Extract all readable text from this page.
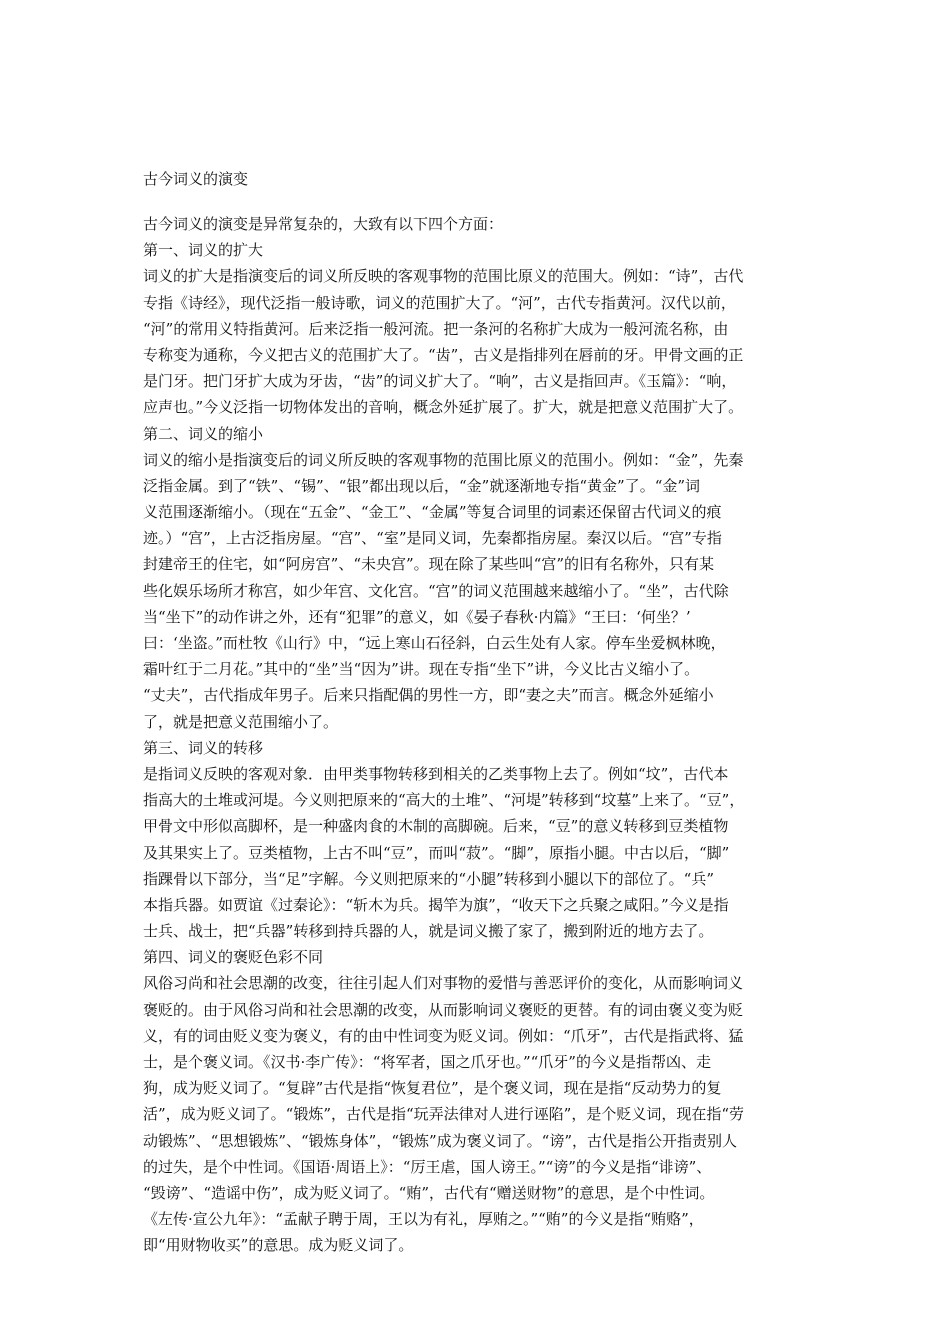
古今词义的演变
古今词义的演变是异常复杂的，大致有以下四个方面：
第一、词义的扩大
词义的扩大是指演变后的词义所反映的客观事物的范围比原义的范围大。例如：“诗”，古代
专指《诗经》，现代泛指一般诗歌，词义的范围扩大了。“河”，古代专指黄河。汉代以前，
“河”的常用义特指黄河。后来泛指一般河流。把一条河的名称扩大成为一般河流名称，由
专称变为通称，今义把古义的范围扩大了。“齿”，古义是指排列在唇前的牙。甲骨文画的正
是门牙。把门牙扩大成为牙齿，“齿”的词义扩大了。“响”，古义是指回声。《玉篇》：“响，
应声也。”今义泛指一切物体发出的音响，概念外延扩展了。扩大，就是把意义范围扩大了。
第二、词义的缩小
词义的缩小是指演变后的词义所反映的客观事物的范围比原义的范围小。例如：“金”，先秦
泛指金属。到了“铁”、“锡”、“银”都出现以后，“金”就逐渐地专指“黄金”了。“金”词
义范围逐渐缩小。（现在“五金”、“金工”、“金属”等复合词里的词素还保留古代词义的痕
迹。）“宫”，上古泛指房屋。“宫”、“室”是同义词，先秦都指房屋。秦汉以后。“宫”专指
封建帝王的住宅，如“阿房宫”、“未央宫”。现在除了某些叫“宫”的旧有名称外，只有某
些化娱乐场所才称宫，如少年宫、文化宫。“宫”的词义范围越来越缩小了。“坐”，古代除
当“坐下”的动作讲之外，还有“犯罪”的意义，如《晏子春秋·内篇》“王曰：‘何坐？’
曰：‘坐盗。”而杜牧《山行》中，“远上寒山石径斜，白云生处有人家。停车坐爱枫林晚，
霜叶红于二月花。”其中的“坐”当“因为”讲。现在专指“坐下”讲，今义比古义缩小了。
“丈夫”，古代指成年男子。后来只指配偶的男性一方，即“妻之夫”而言。概念外延缩小
了，就是把意义范围缩小了。
第三、词义的转移
是指词义反映的客观对象．由甲类事物转移到相关的乙类事物上去了。例如“坟”，古代本
指高大的土堆或河堤。今义则把原来的“高大的土堆”、“河堤”转移到“坟墓”上来了。“豆”，
甲骨文中形似高脚杯，是一种盛肉食的木制的高脚碗。后来，“豆”的意义转移到豆类植物
及其果实上了。豆类植物，上古不叫“豆”，而叫“菽”。“脚”，原指小腿。中古以后，“脚”
指踝骨以下部分，当“足”字解。今义则把原来的“小腿”转移到小腿以下的部位了。“兵”
本指兵器。如贾谊《过秦论》：“斩木为兵。揭竿为旗”，“收天下之兵聚之咸阳。”今义是指
士兵、战士，把“兵器”转移到持兵器的人，就是词义搬了家了，搬到附近的地方去了。
第四、词义的褒贬色彩不同
风俗习尚和社会思潮的改变，往往引起人们对事物的爱惜与善恶评价的变化，从而影响词义
褒贬的。由于风俗习尚和社会思潮的改变，从而影响词义褒贬的更替。有的词由褒义变为贬
义，有的词由贬义变为褒义，有的由中性词变为贬义词。例如：“爪牙”，古代是指武将、猛
士，是个褒义词。《汉书·李广传》：“将军者，国之爪牙也。”“爪牙”的今义是指帮凶、走
狗，成为贬义词了。“复辟”古代是指“恢复君位”，是个褒义词，现在是指“反动势力的复
活”，成为贬义词了。“锻炼”，古代是指“玩弄法律对人进行诬陷”，是个贬义词，现在指“劳
动锻炼”、“思想锻炼”、“锻炼身体”，“锻炼”成为褒义词了。“谤”，古代是指公开指责别人
的过失，是个中性词。《国语·周语上》：“厉王虐，国人谤王。”“谤”的今义是指“诽谤”、
“毁谤”、“造谣中伤”，成为贬义词了。“贿”，古代有“赠送财物”的意思，是个中性词。
《左传·宣公九年》：“孟献子聘于周，王以为有礼，厚贿之。”“贿”的今义是指“贿赂”，
即“用财物收买”的意思。成为贬义词了。
